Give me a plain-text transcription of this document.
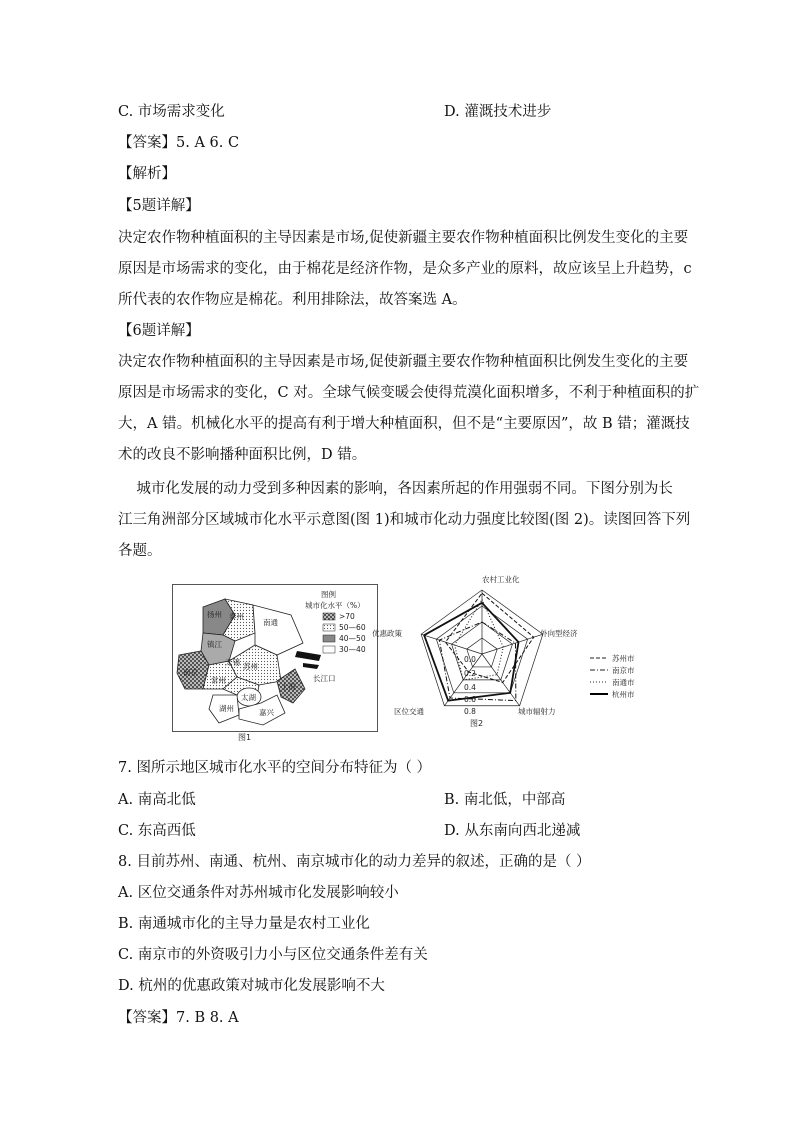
C. 市场需求变化	D. 灌溉技术进步
【答案】5. A 6. C
【解析】
【5题详解】
决定农作物种植面积的主导因素是市场,促使新疆主要农作物种植面积比例发生变化的主要
原因是市场需求的变化，由于棉花是经济作物，是众多产业的原料，故应该呈上升趋势，c
所代表的农作物应是棉花。利用排除法，故答案选 A。
【6题详解】
决定农作物种植面积的主导因素是市场,促使新疆主要农作物种植面积比例发生变化的主要
原因是市场需求的变化，C 对。全球气候变暖会使得荒漠化面积增多，不利于种植面积的扩
大，A 错。机械化水平的提高有利于增大种植面积，但不是“主要原因”，故 B 错；灌溉技
术的改良不影响播种面积比例，D 错。
城市化发展的动力受到多种因素的影响，各因素所起的作用强弱不同。下图分别为长
江三角洲部分区域城市化水平示意图(图 1)和城市化动力强度比较图(图 2)。读图回答下列
各题。
扬州 泰州
南通
镇江
南京
苏州
无锡
常州
太湖
湖州	嘉兴
上海
长江口
图例
城市化水平（%）
>70
50—60
40—50
30—40
图1
农村工业化
外向型经济
城市辐射力
区位交通
优惠政策
0.0
0.2
0.4
0.6
0.8
图2
苏州市
南京市
南通市
杭州市
7. 图所示地区城市化水平的空间分布特征为（ ）
A. 南高北低	B. 南北低，中部高
C. 东高西低	D. 从东南向西北递减
8. 目前苏州、南通、杭州、南京城市化的动力差异的叙述，正确的是（ ）
A. 区位交通条件对苏州城市化发展影响较小
B. 南通城市化的主导力量是农村工业化
C. 南京市的外资吸引力小与区位交通条件差有关
D. 杭州的优惠政策对城市化发展影响不大
【答案】7. B 8. A
